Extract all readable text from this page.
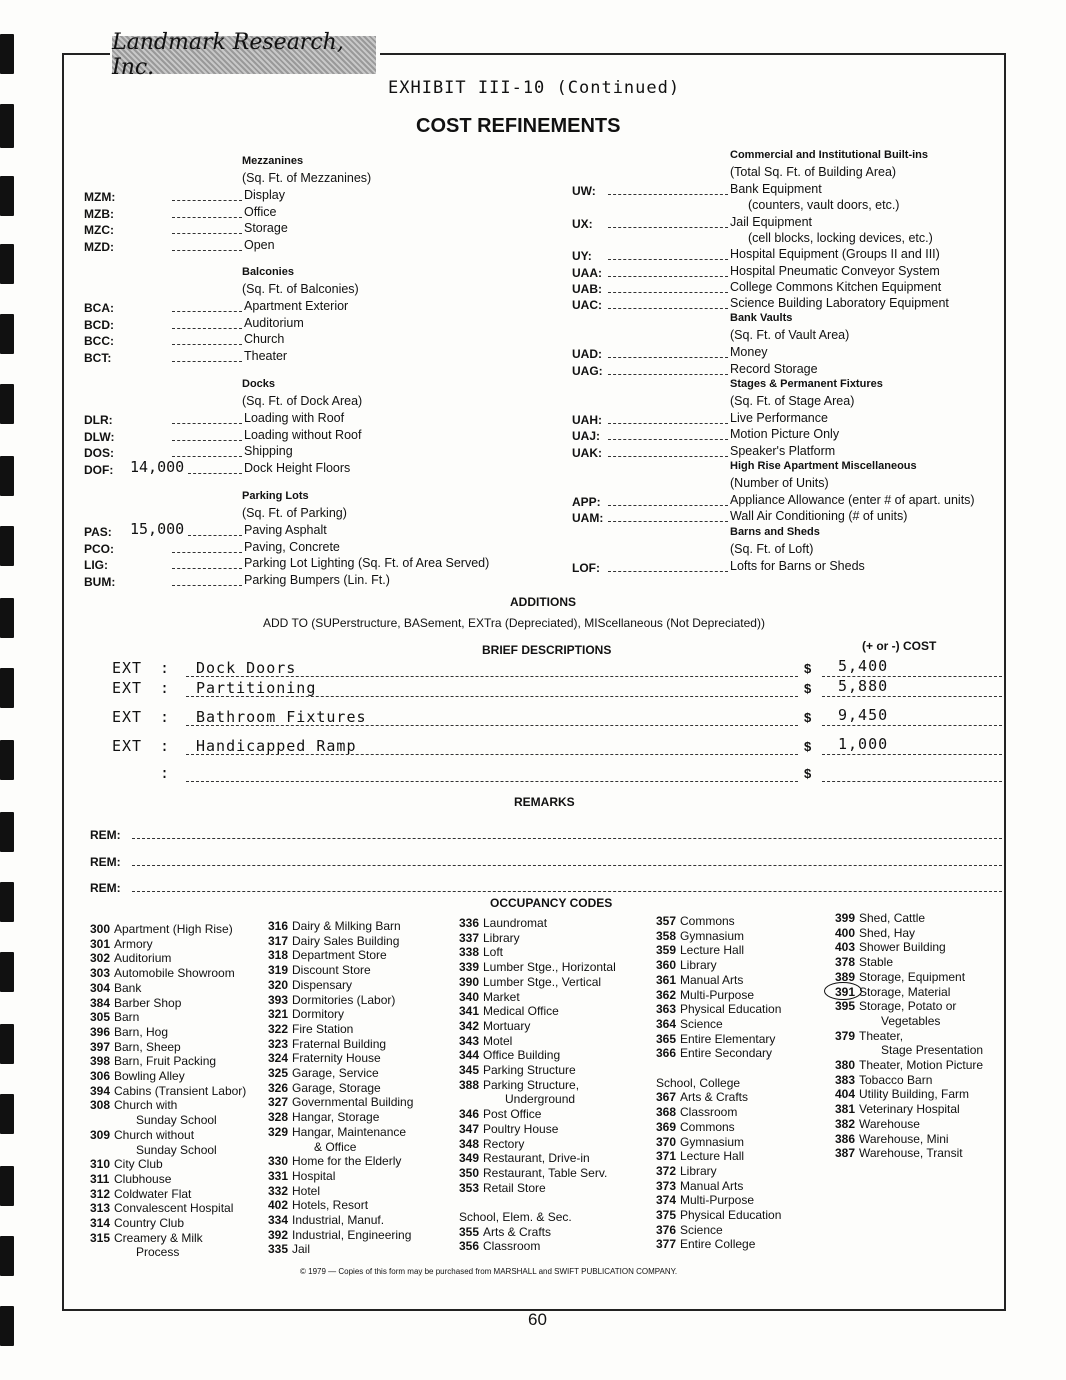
Landmark Research, Inc.
EXHIBIT III-10 (Continued)
COST REFINEMENTS
Mezzanines
(Sq. Ft. of Mezzanines)
MZM:	Display
MZB:	Office
MZC:	Storage
MZD:	Open
Balconies
(Sq. Ft. of Balconies)
BCA:	Apartment Exterior
BCD:	Auditorium
BCC:	Church
BCT:	Theater
Docks
(Sq. Ft. of Dock Area)
DLR:	Loading with Roof
DLW:	Loading without Roof
DOS:	Shipping
DOF: 14,000	Dock Height Floors
Parking Lots
(Sq. Ft. of Parking)
PAS: 15,000	Paving Asphalt
PCO:	Paving, Concrete
LIG:	Parking Lot Lighting (Sq. Ft. of Area Served)
BUM:	Parking Bumpers (Lin. Ft.)
Commercial and Institutional Built-ins
(Total Sq. Ft. of Building Area)
UW:	Bank Equipment
(counters, vault doors, etc.)
UX:	Jail Equipment
(cell blocks, locking devices, etc.)
UY:	Hospital Equipment (Groups II and III)
UAA:	Hospital Pneumatic Conveyor System
UAB:	College Commons Kitchen Equipment
UAC:	Science Building Laboratory Equipment
Bank Vaults
(Sq. Ft. of Vault Area)
UAD:	Money
UAG:	Record Storage
Stages & Permanent Fixtures
(Sq. Ft. of Stage Area)
UAH:	Live Performance
UAJ:	Motion Picture Only
UAK:	Speaker's Platform
High Rise Apartment Miscellaneous
(Number of Units)
APP:	Appliance Allowance (enter # of apart. units)
UAM:	Wall Air Conditioning (# of units)
Barns and Sheds
(Sq. Ft. of Loft)
LOF:	Lofts for Barns or Sheds
ADDITIONS
ADD TO (SUPerstructure, BASement, EXTra (Depreciated), MIScellaneous (Not Depreciated))
BRIEF DESCRIPTIONS	(+ or -) COST
EXT : Dock Doors	$ 5,400
EXT : Partitioning	$ 5,880
EXT : Bathroom Fixtures	$ 9,450
EXT : Handicapped Ramp	$ 1,000
:	$
REMARKS
REM:
REM:
REM:
OCCUPANCY CODES
300 Apartment (High Rise)
301 Armory
302 Auditorium
303 Automobile Showroom
304 Bank
384 Barber Shop
305 Barn
396 Barn, Hog
397 Barn, Sheep
398 Barn, Fruit Packing
306 Bowling Alley
394 Cabins (Transient Labor)
308 Church with
Sunday School
309 Church without
Sunday School
310 City Club
311 Clubhouse
312 Coldwater Flat
313 Convalescent Hospital
314 Country Club
315 Creamery & Milk
Process
316 Dairy & Milking Barn
317 Dairy Sales Building
318 Department Store
319 Discount Store
320 Dispensary
393 Dormitories (Labor)
321 Dormitory
322 Fire Station
323 Fraternal Building
324 Fraternity House
325 Garage, Service
326 Garage, Storage
327 Governmental Building
328 Hangar, Storage
329 Hangar, Maintenance
& Office
330 Home for the Elderly
331 Hospital
332 Hotel
402 Hotels, Resort
334 Industrial, Manuf.
392 Industrial, Engineering
335 Jail
336 Laundromat
337 Library
338 Loft
339 Lumber Stge., Horizontal
390 Lumber Stge., Vertical
340 Market
341 Medical Office
342 Mortuary
343 Motel
344 Office Building
345 Parking Structure
388 Parking Structure,
Underground
346 Post Office
347 Poultry House
348 Rectory
349 Restaurant, Drive-in
350 Restaurant, Table Serv.
353 Retail Store

School, Elem. & Sec.
355 Arts & Crafts
356 Classroom
357 Commons
358 Gymnasium
359 Lecture Hall
360 Library
361 Manual Arts
362 Multi-Purpose
363 Physical Education
364 Science
365 Entire Elementary
366 Entire Secondary

School, College
367 Arts & Crafts
368 Classroom
369 Commons
370 Gymnasium
371 Lecture Hall
372 Library
373 Manual Arts
374 Multi-Purpose
375 Physical Education
376 Science
377 Entire College
399 Shed, Cattle
400 Shed, Hay
403 Shower Building
378 Stable
389 Storage, Equipment
391 Storage, Material
395 Storage, Potato or
Vegetables
379 Theater,
Stage Presentation
380 Theater, Motion Picture
383 Tobacco Barn
404 Utility Building, Farm
381 Veterinary Hospital
382 Warehouse
386 Warehouse, Mini
387 Warehouse, Transit
© 1979 — Copies of this form may be purchased from MARSHALL and SWIFT PUBLICATION COMPANY.
60
